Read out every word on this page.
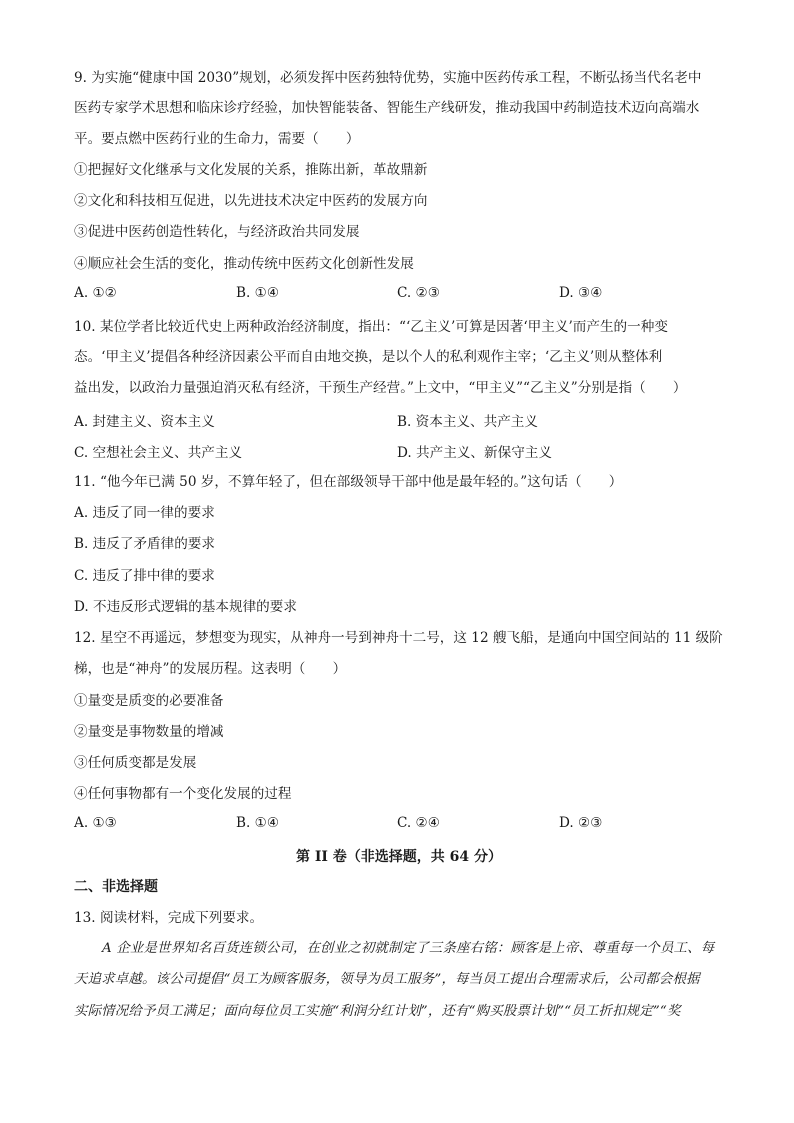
9. 为实施“健康中国 2030”规划，必须发挥中医药独特优势，实施中医药传承工程，不断弘扬当代名老中
医药专家学术思想和临床诊疗经验，加快智能装备、智能生产线研发，推动我国中药制造技术迈向高端水
平。要点燃中医药行业的生命力，需要（　　）
①把握好文化继承与文化发展的关系，推陈出新，革故鼎新
②文化和科技相互促进，以先进技术决定中医药的发展方向
③促进中医药创造性转化，与经济政治共同发展
④顺应社会生活的变化，推动传统中医药文化创新性发展
A. ①②	B. ①④	C. ②③	D. ③④
10. 某位学者比较近代史上两种政治经济制度，指出：“‘乙主义’可算是因著‘甲主义’而产生的一种变
态。‘甲主义’提倡各种经济因素公平而自由地交换，是以个人的私利观作主宰；‘乙主义’则从整体利
益出发，以政治力量强迫消灭私有经济，干预生产经营。”上文中，“甲主义”“乙主义”分别是指（　　）
A. 封建主义、资本主义	B. 资本主义、共产主义
C. 空想社会主义、共产主义	D. 共产主义、新保守主义
11. “他今年已满 50 岁，不算年轻了，但在部级领导干部中他是最年轻的。”这句话（　　）
A. 违反了同一律的要求
B. 违反了矛盾律的要求
C. 违反了排中律的要求
D. 不违反形式逻辑的基本规律的要求
12. 星空不再遥远，梦想变为现实，从神舟一号到神舟十二号，这 12 艘飞船，是通向中国空间站的 11 级阶
梯，也是“神舟”的发展历程。这表明（　　）
①量变是质变的必要准备
②量变是事物数量的增减
③任何质变都是发展
④任何事物都有一个变化发展的过程
A. ①③	B. ①④	C. ②④	D. ②③
第 II 卷（非选择题，共 64 分）
二、非选择题
13. 阅读材料，完成下列要求。
A 企业是世界知名百货连锁公司，在创业之初就制定了三条座右铭：顾客是上帝、尊重每一个员工、每
天追求卓越。该公司提倡“员工为顾客服务，领导为员工服务”，每当员工提出合理需求后，公司都会根据
实际情况给予员工满足；面向每位员工实施“利润分红计划”，还有“购买股票计划”“员工折扣规定”“奖
